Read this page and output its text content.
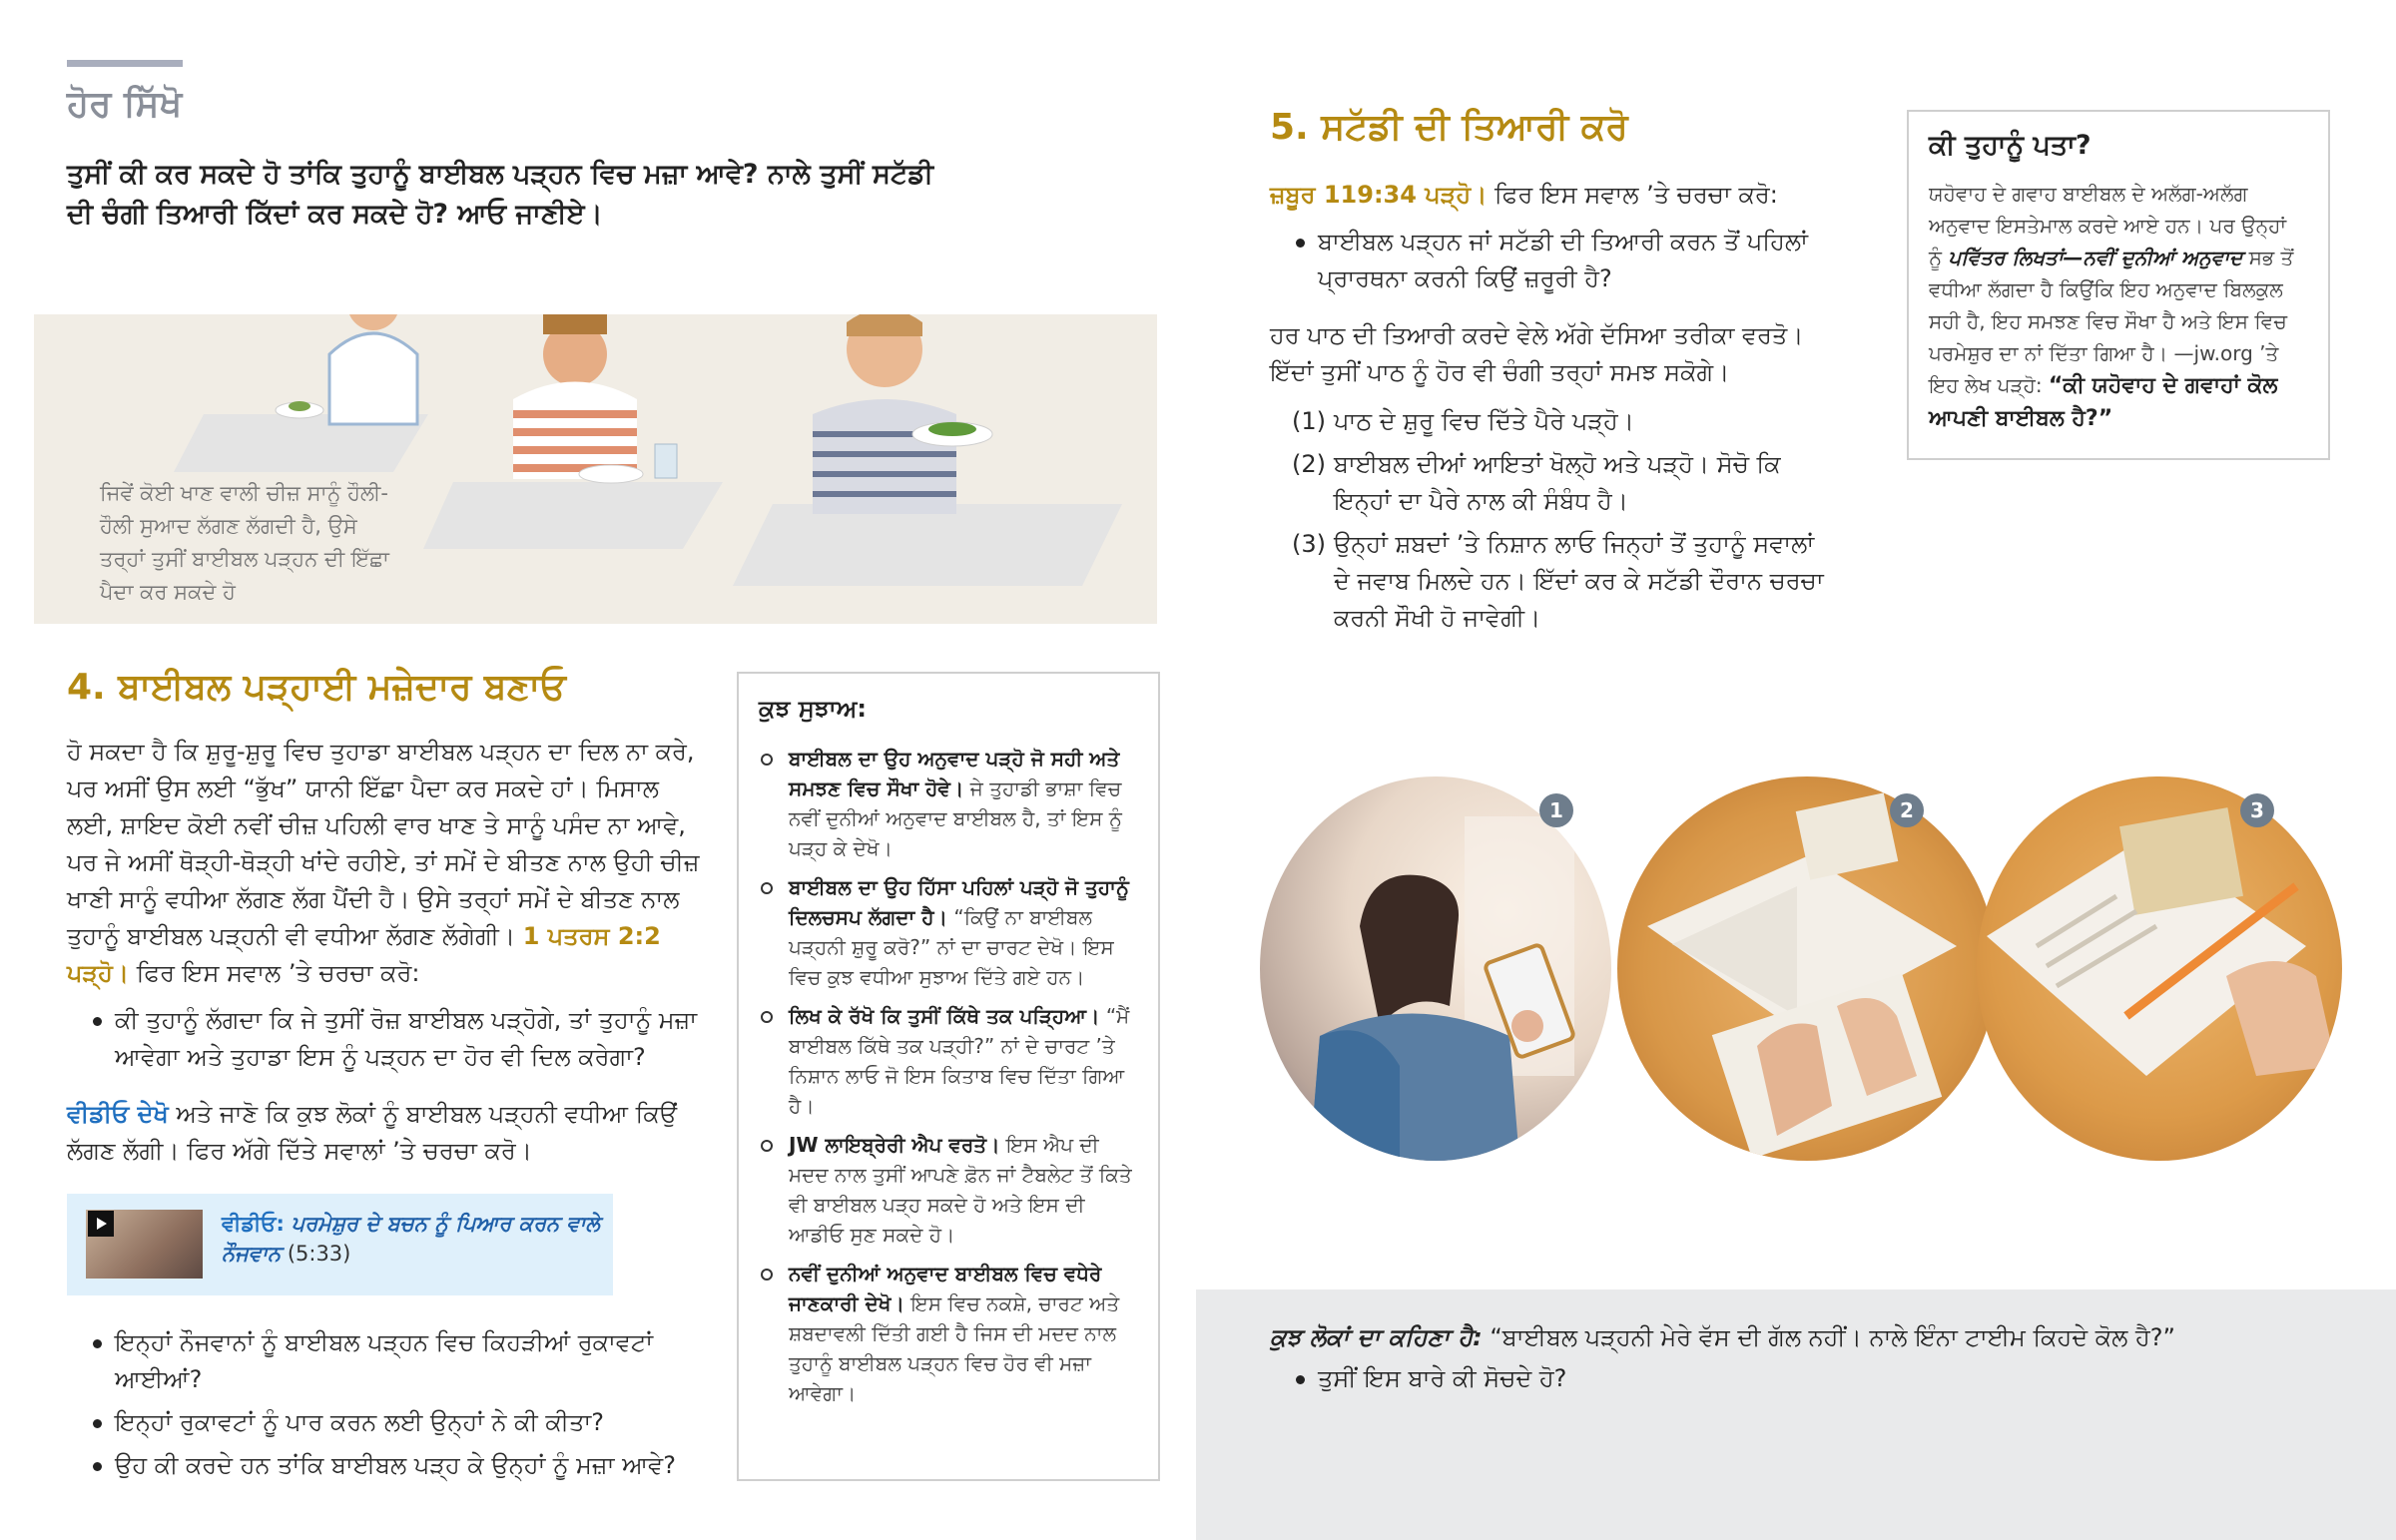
ਹੋਰ ਸਿੱਖੋ
ਤੁਸੀਂ ਕੀ ਕਰ ਸਕਦੇ ਹੋ ਤਾਂਕਿ ਤੁਹਾਨੂੰ ਬਾਈਬਲ ਪੜ੍ਹਨ ਵਿਚ ਮਜ਼ਾ ਆਵੇ? ਨਾਲੇ ਤੁਸੀਂ ਸਟੱਡੀ ਦੀ ਚੰਗੀ ਤਿਆਰੀ ਕਿੱਦਾਂ ਕਰ ਸਕਦੇ ਹੋ? ਆਓ ਜਾਣੀਏ।
ਜਿਵੇਂ ਕੋਈ ਖਾਣ ਵਾਲੀ ਚੀਜ਼ ਸਾਨੂੰ ਹੌਲੀ-ਹੌਲੀ ਸੁਆਦ ਲੱਗਣ ਲੱਗਦੀ ਹੈ, ਉਸੇ ਤਰ੍ਹਾਂ ਤੁਸੀਂ ਬਾਈਬਲ ਪੜ੍ਹਨ ਦੀ ਇੱਛਾ ਪੈਦਾ ਕਰ ਸਕਦੇ ਹੋ
4. ਬਾਈਬਲ ਪੜ੍ਹਾਈ ਮਜ਼ੇਦਾਰ ਬਣਾਓ
ਹੋ ਸਕਦਾ ਹੈ ਕਿ ਸ਼ੁਰੂ-ਸ਼ੁਰੂ ਵਿਚ ਤੁਹਾਡਾ ਬਾਈਬਲ ਪੜ੍ਹਨ ਦਾ ਦਿਲ ਨਾ ਕਰੇ, ਪਰ ਅਸੀਂ ਉਸ ਲਈ “ਭੁੱਖ” ਯਾਨੀ ਇੱਛਾ ਪੈਦਾ ਕਰ ਸਕਦੇ ਹਾਂ। ਮਿਸਾਲ ਲਈ, ਸ਼ਾਇਦ ਕੋਈ ਨਵੀਂ ਚੀਜ਼ ਪਹਿਲੀ ਵਾਰ ਖਾਣ ਤੇ ਸਾਨੂੰ ਪਸੰਦ ਨਾ ਆਵੇ, ਪਰ ਜੇ ਅਸੀਂ ਥੋੜ੍ਹੀ-ਥੋੜ੍ਹੀ ਖਾਂਦੇ ਰਹੀਏ, ਤਾਂ ਸਮੇਂ ਦੇ ਬੀਤਣ ਨਾਲ ਉਹੀ ਚੀਜ਼ ਖਾਣੀ ਸਾਨੂੰ ਵਧੀਆ ਲੱਗਣ ਲੱਗ ਪੈਂਦੀ ਹੈ। ਉਸੇ ਤਰ੍ਹਾਂ ਸਮੇਂ ਦੇ ਬੀਤਣ ਨਾਲ ਤੁਹਾਨੂੰ ਬਾਈਬਲ ਪੜ੍ਹਨੀ ਵੀ ਵਧੀਆ ਲੱਗਣ ਲੱਗੇਗੀ। 1 ਪਤਰਸ 2:2 ਪੜ੍ਹੋ। ਫਿਰ ਇਸ ਸਵਾਲ ’ਤੇ ਚਰਚਾ ਕਰੋ:
ਕੀ ਤੁਹਾਨੂੰ ਲੱਗਦਾ ਕਿ ਜੇ ਤੁਸੀਂ ਰੋਜ਼ ਬਾਈਬਲ ਪੜ੍ਹੋਗੇ, ਤਾਂ ਤੁਹਾਨੂੰ ਮਜ਼ਾ ਆਵੇਗਾ ਅਤੇ ਤੁਹਾਡਾ ਇਸ ਨੂੰ ਪੜ੍ਹਨ ਦਾ ਹੋਰ ਵੀ ਦਿਲ ਕਰੇਗਾ?
ਵੀਡੀਓ ਦੇਖੋ ਅਤੇ ਜਾਣੋ ਕਿ ਕੁਝ ਲੋਕਾਂ ਨੂੰ ਬਾਈਬਲ ਪੜ੍ਹਨੀ ਵਧੀਆ ਕਿਉਂ ਲੱਗਣ ਲੱਗੀ। ਫਿਰ ਅੱਗੇ ਦਿੱਤੇ ਸਵਾਲਾਂ ’ਤੇ ਚਰਚਾ ਕਰੋ।
ਵੀਡੀਓ: ਪਰਮੇਸ਼ੁਰ ਦੇ ਬਚਨ ਨੂੰ ਪਿਆਰ ਕਰਨ ਵਾਲੇ ਨੌਜਵਾਨ (5:33)
ਇਨ੍ਹਾਂ ਨੌਜਵਾਨਾਂ ਨੂੰ ਬਾਈਬਲ ਪੜ੍ਹਨ ਵਿਚ ਕਿਹੜੀਆਂ ਰੁਕਾਵਟਾਂ ਆਈਆਂ?
ਇਨ੍ਹਾਂ ਰੁਕਾਵਟਾਂ ਨੂੰ ਪਾਰ ਕਰਨ ਲਈ ਉਨ੍ਹਾਂ ਨੇ ਕੀ ਕੀਤਾ?
ਉਹ ਕੀ ਕਰਦੇ ਹਨ ਤਾਂਕਿ ਬਾਈਬਲ ਪੜ੍ਹ ਕੇ ਉਨ੍ਹਾਂ ਨੂੰ ਮਜ਼ਾ ਆਵੇ?
ਕੁਝ ਸੁਝਾਅ:
ਬਾਈਬਲ ਦਾ ਉਹ ਅਨੁਵਾਦ ਪੜ੍ਹੋ ਜੋ ਸਹੀ ਅਤੇ ਸਮਝਣ ਵਿਚ ਸੌਖਾ ਹੋਵੇ। ਜੇ ਤੁਹਾਡੀ ਭਾਸ਼ਾ ਵਿਚ ਨਵੀਂ ਦੁਨੀਆਂ ਅਨੁਵਾਦ ਬਾਈਬਲ ਹੈ, ਤਾਂ ਇਸ ਨੂੰ ਪੜ੍ਹ ਕੇ ਦੇਖੋ।
ਬਾਈਬਲ ਦਾ ਉਹ ਹਿੱਸਾ ਪਹਿਲਾਂ ਪੜ੍ਹੋ ਜੋ ਤੁਹਾਨੂੰ ਦਿਲਚਸਪ ਲੱਗਦਾ ਹੈ। “ਕਿਉਂ ਨਾ ਬਾਈਬਲ ਪੜ੍ਹਨੀ ਸ਼ੁਰੂ ਕਰੋ?” ਨਾਂ ਦਾ ਚਾਰਟ ਦੇਖੋ। ਇਸ ਵਿਚ ਕੁਝ ਵਧੀਆ ਸੁਝਾਅ ਦਿੱਤੇ ਗਏ ਹਨ।
ਲਿਖ ਕੇ ਰੱਖੋ ਕਿ ਤੁਸੀਂ ਕਿੱਥੇ ਤਕ ਪੜ੍ਹਿਆ। “ਮੈਂ ਬਾਈਬਲ ਕਿੱਥੇ ਤਕ ਪੜ੍ਹੀ?” ਨਾਂ ਦੇ ਚਾਰਟ ’ਤੇ ਨਿਸ਼ਾਨ ਲਾਓ ਜੋ ਇਸ ਕਿਤਾਬ ਵਿਚ ਦਿੱਤਾ ਗਿਆ ਹੈ।
JW ਲਾਇਬ੍ਰੇਰੀ ਐਪ ਵਰਤੋ। ਇਸ ਐਪ ਦੀ ਮਦਦ ਨਾਲ ਤੁਸੀਂ ਆਪਣੇ ਫ਼ੋਨ ਜਾਂ ਟੈਬਲੇਟ ਤੋਂ ਕਿਤੇ ਵੀ ਬਾਈਬਲ ਪੜ੍ਹ ਸਕਦੇ ਹੋ ਅਤੇ ਇਸ ਦੀ ਆਡੀਓ ਸੁਣ ਸਕਦੇ ਹੋ।
ਨਵੀਂ ਦੁਨੀਆਂ ਅਨੁਵਾਦ ਬਾਈਬਲ ਵਿਚ ਵਧੇਰੇ ਜਾਣਕਾਰੀ ਦੇਖੋ। ਇਸ ਵਿਚ ਨਕਸ਼ੇ, ਚਾਰਟ ਅਤੇ ਸ਼ਬਦਾਵਲੀ ਦਿੱਤੀ ਗਈ ਹੈ ਜਿਸ ਦੀ ਮਦਦ ਨਾਲ ਤੁਹਾਨੂੰ ਬਾਈਬਲ ਪੜ੍ਹਨ ਵਿਚ ਹੋਰ ਵੀ ਮਜ਼ਾ ਆਵੇਗਾ।
5. ਸਟੱਡੀ ਦੀ ਤਿਆਰੀ ਕਰੋ
ਜ਼ਬੂਰ 119:34 ਪੜ੍ਹੋ। ਫਿਰ ਇਸ ਸਵਾਲ ’ਤੇ ਚਰਚਾ ਕਰੋ:
ਬਾਈਬਲ ਪੜ੍ਹਨ ਜਾਂ ਸਟੱਡੀ ਦੀ ਤਿਆਰੀ ਕਰਨ ਤੋਂ ਪਹਿਲਾਂ ਪ੍ਰਾਰਥਨਾ ਕਰਨੀ ਕਿਉਂ ਜ਼ਰੂਰੀ ਹੈ?
ਹਰ ਪਾਠ ਦੀ ਤਿਆਰੀ ਕਰਦੇ ਵੇਲੇ ਅੱਗੇ ਦੱਸਿਆ ਤਰੀਕਾ ਵਰਤੋ। ਇੱਦਾਂ ਤੁਸੀਂ ਪਾਠ ਨੂੰ ਹੋਰ ਵੀ ਚੰਗੀ ਤਰ੍ਹਾਂ ਸਮਝ ਸਕੋਗੇ।
(1) ਪਾਠ ਦੇ ਸ਼ੁਰੂ ਵਿਚ ਦਿੱਤੇ ਪੈਰੇ ਪੜ੍ਹੋ।
(2) ਬਾਈਬਲ ਦੀਆਂ ਆਇਤਾਂ ਖੋਲ੍ਹੋ ਅਤੇ ਪੜ੍ਹੋ। ਸੋਚੋ ਕਿ ਇਨ੍ਹਾਂ ਦਾ ਪੈਰੇ ਨਾਲ ਕੀ ਸੰਬੰਧ ਹੈ।
(3) ਉਨ੍ਹਾਂ ਸ਼ਬਦਾਂ ’ਤੇ ਨਿਸ਼ਾਨ ਲਾਓ ਜਿਨ੍ਹਾਂ ਤੋਂ ਤੁਹਾਨੂੰ ਸਵਾਲਾਂ ਦੇ ਜਵਾਬ ਮਿਲਦੇ ਹਨ। ਇੱਦਾਂ ਕਰ ਕੇ ਸਟੱਡੀ ਦੌਰਾਨ ਚਰਚਾ ਕਰਨੀ ਸੌਖੀ ਹੋ ਜਾਵੇਗੀ।
ਕੀ ਤੁਹਾਨੂੰ ਪਤਾ?
ਯਹੋਵਾਹ ਦੇ ਗਵਾਹ ਬਾਈਬਲ ਦੇ ਅਲੱਗ-ਅਲੱਗ ਅਨੁਵਾਦ ਇਸਤੇਮਾਲ ਕਰਦੇ ਆਏ ਹਨ। ਪਰ ਉਨ੍ਹਾਂ ਨੂੰ ਪਵਿੱਤਰ ਲਿਖਤਾਂ—ਨਵੀਂ ਦੁਨੀਆਂ ਅਨੁਵਾਦ ਸਭ ਤੋਂ ਵਧੀਆ ਲੱਗਦਾ ਹੈ ਕਿਉਂਕਿ ਇਹ ਅਨੁਵਾਦ ਬਿਲਕੁਲ ਸਹੀ ਹੈ, ਇਹ ਸਮਝਣ ਵਿਚ ਸੌਖਾ ਹੈ ਅਤੇ ਇਸ ਵਿਚ ਪਰਮੇਸ਼ੁਰ ਦਾ ਨਾਂ ਦਿੱਤਾ ਗਿਆ ਹੈ। —jw.org ’ਤੇ ਇਹ ਲੇਖ ਪੜ੍ਹੋ: “ਕੀ ਯਹੋਵਾਹ ਦੇ ਗਵਾਹਾਂ ਕੋਲ ਆਪਣੀ ਬਾਈਬਲ ਹੈ?”
1	2	3
ਕੁਝ ਲੋਕਾਂ ਦਾ ਕਹਿਣਾ ਹੈ: “ਬਾਈਬਲ ਪੜ੍ਹਨੀ ਮੇਰੇ ਵੱਸ ਦੀ ਗੱਲ ਨਹੀਂ। ਨਾਲੇ ਇੰਨਾ ਟਾਈਮ ਕਿਹਦੇ ਕੋਲ ਹੈ?”
ਤੁਸੀਂ ਇਸ ਬਾਰੇ ਕੀ ਸੋਚਦੇ ਹੋ?
